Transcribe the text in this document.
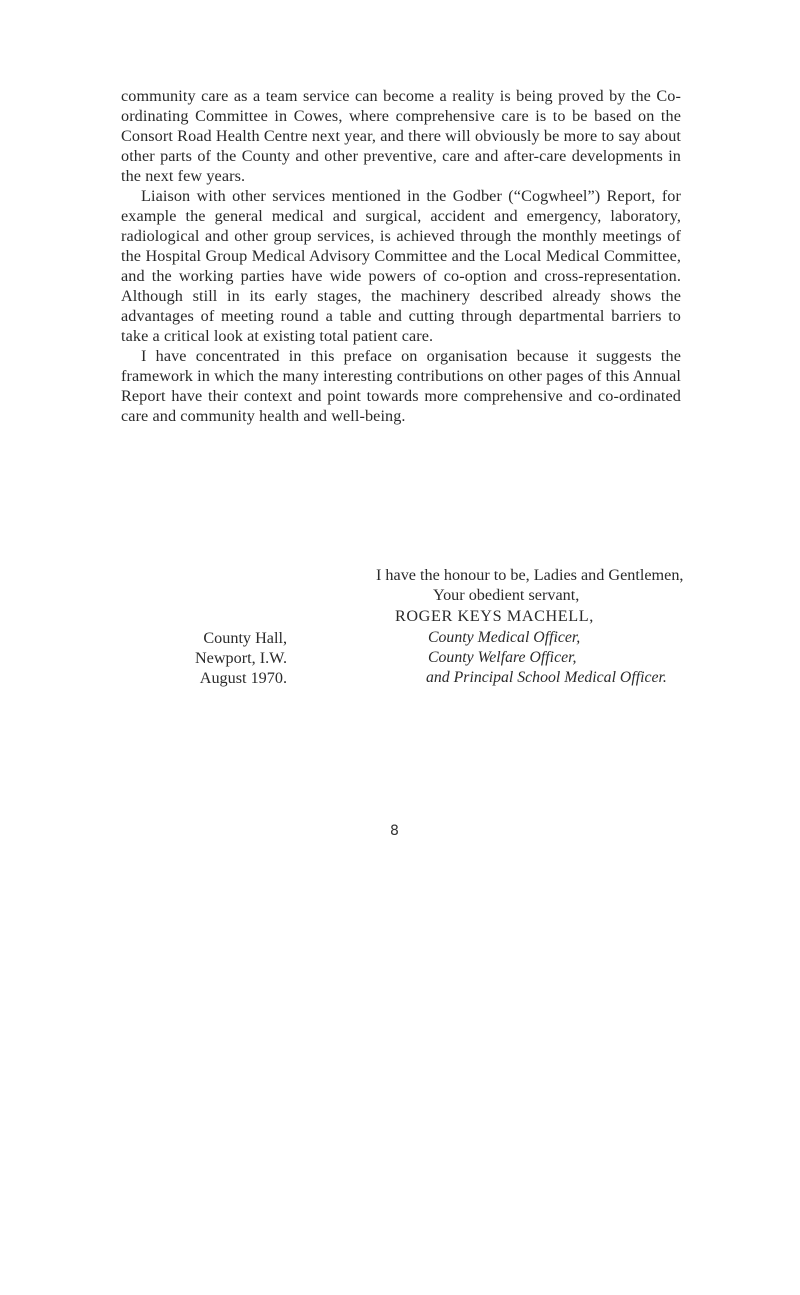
community care as a team service can become a reality is being proved by the Co-ordinating Committee in Cowes, where comprehensive care is to be based on the Consort Road Health Centre next year, and there will obviously be more to say about other parts of the County and other preventive, care and after-care developments in the next few years.

Liaison with other services mentioned in the Godber (“Cogwheel”) Report, for example the general medical and surgical, accident and emergency, laboratory, radiological and other group services, is achieved through the monthly meetings of the Hospital Group Medical Advisory Committee and the Local Medical Committee, and the working parties have wide powers of co-option and cross-representation. Although still in its early stages, the machinery described already shows the advantages of meeting round a table and cutting through departmental barriers to take a critical look at existing total patient care.

I have concentrated in this preface on organisation because it suggests the framework in which the many interesting contributions on other pages of this Annual Report have their context and point towards more comprehensive and co-ordinated care and community health and well-being.

I have the honour to be, Ladies and Gentlemen,
Your obedient servant,
ROGER KEYS MACHELL,
County Hall,
Newport, I.W.
August 1970.
County Medical Officer,
County Welfare Officer,
and Principal School Medical Officer.
8
